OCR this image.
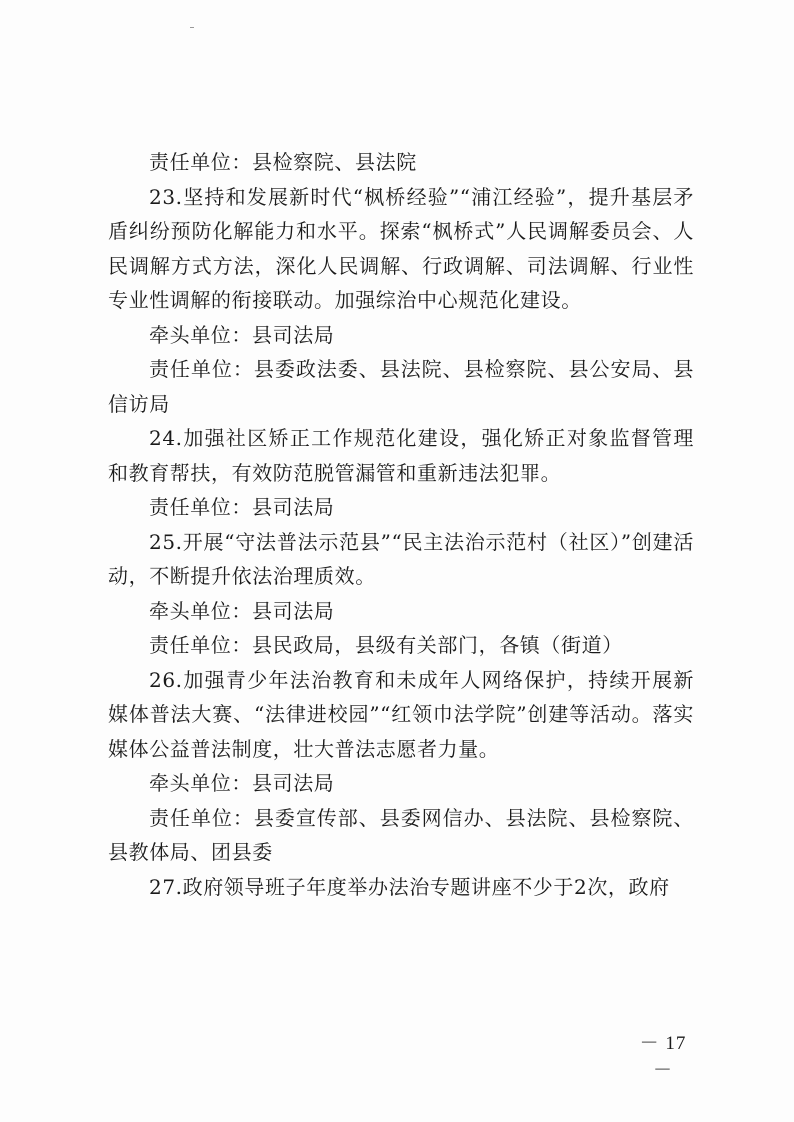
责任单位：县检察院、县法院

23.坚持和发展新时代“枫桥经验”“浦江经验”，提升基层矛盾纠纷预防化解能力和水平。探索“枫桥式”人民调解委员会、人民调解方式方法，深化人民调解、行政调解、司法调解、行业性专业性调解的衔接联动。加强综治中心规范化建设。

牵头单位：县司法局

责任单位：县委政法委、县法院、县检察院、县公安局、县信访局

24.加强社区矫正工作规范化建设，强化矫正对象监督管理和教育帮扶，有效防范脱管漏管和重新违法犯罪。

责任单位：县司法局

25.开展“守法普法示范县”“民主法治示范村（社区）”创建活动，不断提升依法治理质效。

牵头单位：县司法局

责任单位：县民政局，县级有关部门，各镇（街道）

26.加强青少年法治教育和未成年人网络保护，持续开展新媒体普法大赛、“法律进校园”“红领巾法学院”创建等活动。落实媒体公益普法制度，壮大普法志愿者力量。

牵头单位：县司法局

责任单位：县委宣传部、县委网信办、县法院、县检察院、县教体局、团县委

27.政府领导班子年度举办法治专题讲座不少于2次，政府

－ 17 －
